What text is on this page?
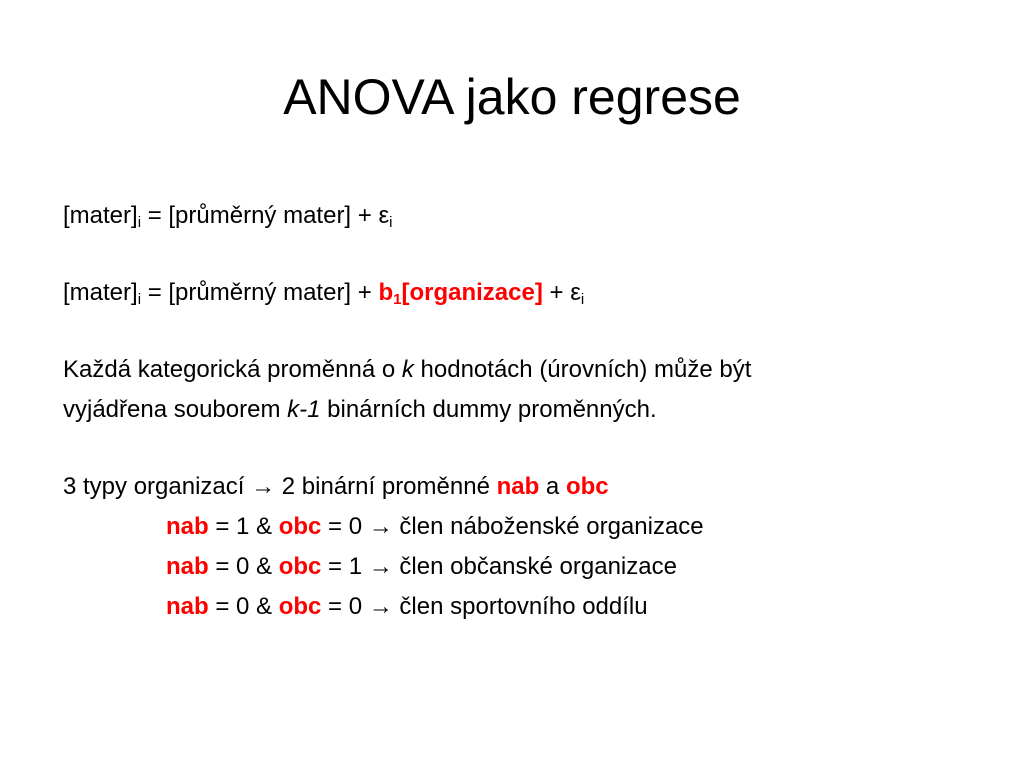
ANOVA jako regrese
$[mater]_i$ = [průměrný mater] + $\varepsilon_i$
$[mater]_i$ = [průměrný mater] + $b_1[organizace] + \varepsilon_i$
Každá kategorická proměnná o k hodnotách (úrovních) může být
vyjádřena souborem k-1 binárních dummy proměnných.
3 typy organizací → 2 binární proměnné nab a obc
nab = 1 & obc = 0 → člen náboženské organizace
nab = 0 & obc = 1 → člen občanské organizace
nab = 0 & obc = 0 → člen sportovního oddílu
